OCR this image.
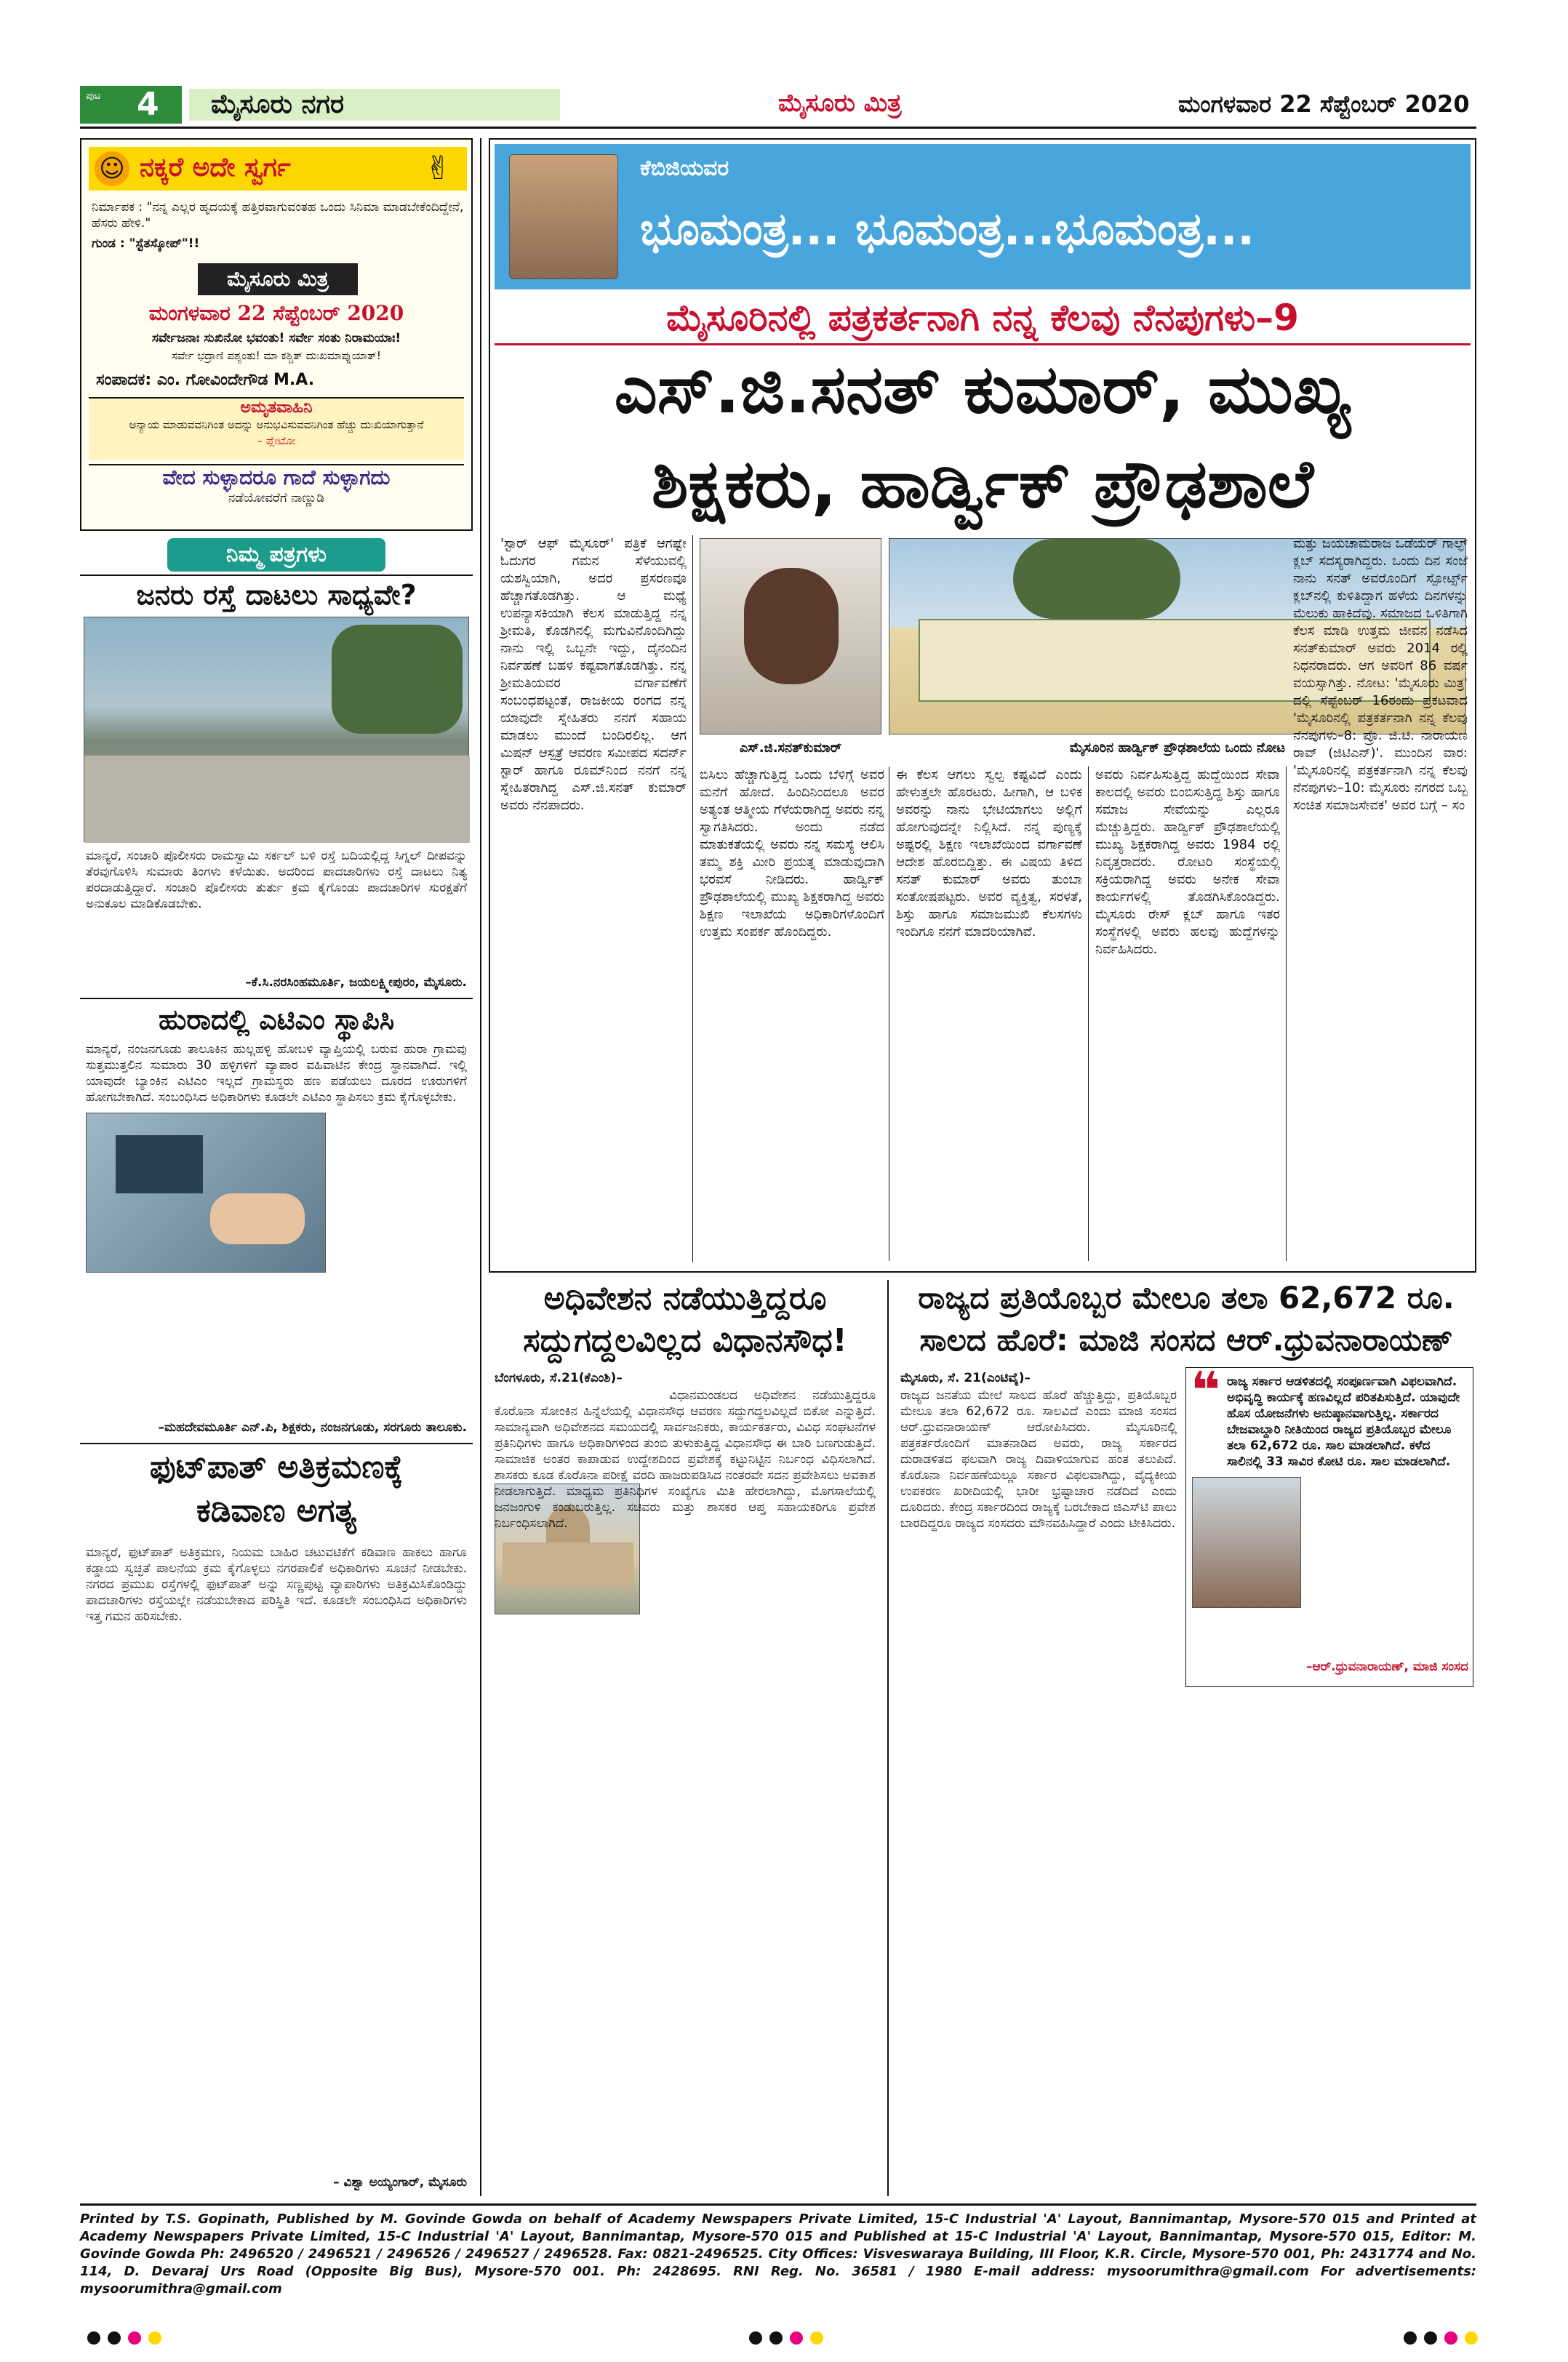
ಪುಟ 4	ಮೈಸೂರು ನಗರ	ಮೈಸೂರು ಮಿತ್ರ	ಮಂಗಳವಾರ 22 ಸೆಪ್ಟೆಂಬರ್ 2020
☺ ನಕ್ಕರೆ ಅದೇ ಸ್ವರ್ಗ	✌
ನಿರ್ಮಾಪಕ : "ನನ್ನ ಎಲ್ಲರ ಹೃದಯಕ್ಕೆ ಹತ್ತಿರವಾಗುವಂತಹ ಒಂದು ಸಿನಿಮಾ ಮಾಡಬೇಕೆಂದಿದ್ದೇನೆ, ಹೆಸರು ಹೇಳಿ."
ಗುಂಡ : "ಸ್ಟೆತಸ್ಕೋಪ್"!!
ಮೈಸೂರು ಮಿತ್ರ
ಮಂಗಳವಾರ 22 ಸೆಪ್ಟೆಂಬರ್ 2020
ಸರ್ವೇಜನಾಃ ಸುಖಿನೋ ಭವಂತು! ಸರ್ವೇ ಸಂತು ನಿರಾಮಯಾಃ!
ಸರ್ವೇ ಭದ್ರಾಣಿ ಪಶ್ಯಂತು! ಮಾ ಕಶ್ಚಿತ್ ದುಃಖಮಾಪ್ನುಯಾತ್!
ಸಂಪಾದಕ: ಎಂ. ಗೋವಿಂದೇಗೌಡ M.A.
ಅಮೃತವಾಹಿನಿ
ಅನ್ಯಾಯ ಮಾಡುವವನಿಗಿಂತ ಅದನ್ನು ಅನುಭವಿಸುವವನಿಗಿಂತ ಹೆಚ್ಚು ದುಃಖಿಯಾಗುತ್ತಾನೆ
– ಪ್ಲೇಟೋ
ವೇದ ಸುಳ್ಳಾದರೂ ಗಾದೆ ಸುಳ್ಳಾಗದು
ನಡೆಯೋವರೆಗೆ ನಾಣ್ಣುಡಿ
ನಿಮ್ಮ ಪತ್ರಗಳು
ಜನರು ರಸ್ತೆ ದಾಟಲು ಸಾಧ್ಯವೇ?
ಮಾನ್ಯರೆ, ಸಂಚಾರಿ ಪೊಲೀಸರು ರಾಮಸ್ವಾಮಿ ಸರ್ಕಲ್ ಬಳಿ ರಸ್ತೆ ಬದಿಯಲ್ಲಿದ್ದ ಸಿಗ್ನಲ್ ದೀಪವನ್ನು ತೆರವುಗೊಳಿಸಿ ಸುಮಾರು ತಿಂಗಳು ಕಳೆಯಿತು. ಅದರಿಂದ ಪಾದಚಾರಿಗಳು ರಸ್ತೆ ದಾಟಲು ನಿತ್ಯ ಪರದಾಡುತ್ತಿದ್ದಾರೆ. ಸಂಚಾರಿ ಪೊಲೀಸರು ತುರ್ತು ಕ್ರಮ ಕೈಗೊಂಡು ಪಾದಚಾರಿಗಳ ಸುರಕ್ಷತೆಗೆ ಅನುಕೂಲ ಮಾಡಿಕೊಡಬೇಕು.
–ಕೆ.ಸಿ.ನರಸಿಂಹಮೂರ್ತಿ, ಜಯಲಕ್ಷ್ಮೀಪುರಂ, ಮೈಸೂರು.
ಹುರಾದಲ್ಲಿ ಎಟಿಎಂ ಸ್ಥಾಪಿಸಿ
ಮಾನ್ಯರೆ, ನಂಜನಗೂಡು ತಾಲೂಕಿನ ಹುಲ್ಲಹಳ್ಳಿ ಹೋಬಳಿ ವ್ಯಾಪ್ತಿಯಲ್ಲಿ ಬರುವ ಹುರಾ ಗ್ರಾಮವು ಸುತ್ತಮುತ್ತಲಿನ ಸುಮಾರು 30 ಹಳ್ಳಿಗಳಿಗೆ ವ್ಯಾಪಾರ ವಹಿವಾಟಿನ ಕೇಂದ್ರ ಸ್ಥಾನವಾಗಿದೆ. ಇಲ್ಲಿ ಯಾವುದೇ ಬ್ಯಾಂಕಿನ ಎಟಿಎಂ ಇಲ್ಲದೆ ಗ್ರಾಮಸ್ಥರು ಹಣ ಪಡೆಯಲು ದೂರದ ಊರುಗಳಿಗೆ ಹೋಗಬೇಕಾಗಿದೆ. ಸಂಬಂಧಿಸಿದ ಅಧಿಕಾರಿಗಳು ಕೂಡಲೇ ಎಟಿಎಂ ಸ್ಥಾಪಿಸಲು ಕ್ರಮ ಕೈಗೊಳ್ಳಬೇಕು.
–ಮಹದೇವಮೂರ್ತಿ ಎನ್.ಪಿ, ಶಿಕ್ಷಕರು, ನಂಜನಗೂಡು, ಸರಗೂರು ತಾಲೂಕು.
ಫುಟ್‌ಪಾತ್ ಅತಿಕ್ರಮಣಕ್ಕೆ
ಕಡಿವಾಣ ಅಗತ್ಯ
ಮಾನ್ಯರೆ, ಫುಟ್‌ಪಾತ್ ಅತಿಕ್ರಮಣ, ನಿಯಮ ಬಾಹಿರ ಚಟುವಟಿಕೆಗೆ ಕಡಿವಾಣ ಹಾಕಲು ಹಾಗೂ ಕಡ್ಡಾಯ ಸ್ವಚ್ಛತೆ ಪಾಲನೆಯ ಕ್ರಮ ಕೈಗೊಳ್ಳಲು ನಗರಪಾಲಿಕೆ ಅಧಿಕಾರಿಗಳು ಸೂಚನೆ ನೀಡಬೇಕು. ನಗರದ ಪ್ರಮುಖ ರಸ್ತೆಗಳಲ್ಲಿ ಫುಟ್‌ಪಾತ್ ಅನ್ನು ಸಣ್ಣಪುಟ್ಟ ವ್ಯಾಪಾರಿಗಳು ಅತಿಕ್ರಮಿಸಿಕೊಂಡಿದ್ದು ಪಾದಚಾರಿಗಳು ರಸ್ತೆಯಲ್ಲೇ ನಡೆಯಬೇಕಾದ ಪರಿಸ್ಥಿತಿ ಇದೆ. ಕೂಡಲೇ ಸಂಬಂಧಿಸಿದ ಅಧಿಕಾರಿಗಳು ಇತ್ತ ಗಮನ ಹರಿಸಬೇಕು.
– ವಿಶ್ವಾ ಅಯ್ಯಂಗಾರ್, ಮೈಸೂರು
ಕೆಬಿಜಿಯವರ
ಭೂಮಂತ್ರ... ಭೂಮಂತ್ರ...ಭೂಮಂತ್ರ...
ಮೈಸೂರಿನಲ್ಲಿ ಪತ್ರಕರ್ತನಾಗಿ ನನ್ನ ಕೆಲವು ನೆನಪುಗಳು–9
ಎಸ್.ಜಿ.ಸನತ್ ಕುಮಾರ್, ಮುಖ್ಯ
ಶಿಕ್ಷಕರು, ಹಾರ್ಡ್ವಿಕ್ ಪ್ರೌಢಶಾಲೆ
'ಸ್ಟಾರ್ ಆಫ್ ಮೈಸೂರ್' ಪತ್ರಿಕೆ ಆಗಷ್ಟೇ ಓದುಗರ ಗಮನ ಸೆಳೆಯುವಲ್ಲಿ ಯಶಸ್ವಿಯಾಗಿ, ಅದರ ಪ್ರಸರಣವೂ ಹೆಚ್ಚಾಗತೊಡಗಿತ್ತು. ಆ ಮಧ್ಯೆ ಉಪನ್ಯಾಸಕಿಯಾಗಿ ಕೆಲಸ ಮಾಡುತ್ತಿದ್ದ ನನ್ನ ಶ್ರೀಮತಿ, ಕೊಡಗಿನಲ್ಲಿ ಮಗುವಿನೊಂದಿಗಿದ್ದು ನಾನು ಇಲ್ಲಿ ಒಬ್ಬನೇ ಇದ್ದು, ದೈನಂದಿನ ನಿರ್ವಹಣೆ ಬಹಳ ಕಷ್ಟವಾಗತೊಡಗಿತ್ತು. ನನ್ನ ಶ್ರೀಮತಿಯವರ ವರ್ಗಾವಣೆಗೆ ಸಂಬಂಧಪಟ್ಟಂತೆ, ರಾಜಕೀಯ ರಂಗದ ನನ್ನ ಯಾವುದೇ ಸ್ನೇಹಿತರು ನನಗೆ ಸಹಾಯ ಮಾಡಲು ಮುಂದೆ ಬಂದಿರಲಿಲ್ಲ. ಆಗ ಮಿಷನ್ ಆಸ್ಪತ್ರೆ ಆವರಣ ಸಮೀಪದ ಸದರ್ನ್ ಸ್ಟಾರ್ ಹಾಗೂ ರೂಮ್‌ನಿಂದ ನನಗೆ ನನ್ನ ಸ್ನೇಹಿತರಾಗಿದ್ದ ಎಸ್.ಜಿ.ಸನತ್ ಕುಮಾರ್ ಅವರು ನೆನಪಾದರು.
ಎಸ್.ಜಿ.ಸನತ್‌ಕುಮಾರ್	ಮೈಸೂರಿನ ಹಾರ್ಡ್ವಿಕ್ ಪ್ರೌಢಶಾಲೆಯ ಒಂದು ನೋಟ
ಬಿಸಿಲು ಹೆಚ್ಚಾಗುತ್ತಿದ್ದ ಒಂದು ಬೆಳಿಗ್ಗೆ ಅವರ ಮನೆಗೆ ಹೋದೆ. ಹಿಂದಿನಿಂದಲೂ ಅವರ ಅತ್ಯಂತ ಆತ್ಮೀಯ ಗೆಳೆಯರಾಗಿದ್ದ ಅವರು ನನ್ನ ಸ್ವಾಗತಿಸಿದರು. ಅಂದು ನಡೆದ ಮಾತುಕತೆಯಲ್ಲಿ ಅವರು ನನ್ನ ಸಮಸ್ಯೆ ಆಲಿಸಿ ತಮ್ಮ ಶಕ್ತಿ ಮೀರಿ ಪ್ರಯತ್ನ ಮಾಡುವುದಾಗಿ ಭರವಸೆ ನೀಡಿದರು. ಹಾರ್ಡ್ವಿಕ್ ಪ್ರೌಢಶಾಲೆಯಲ್ಲಿ ಮುಖ್ಯ ಶಿಕ್ಷಕರಾಗಿದ್ದ ಅವರು ಶಿಕ್ಷಣ ಇಲಾಖೆಯ ಅಧಿಕಾರಿಗಳೊಂದಿಗೆ ಉತ್ತಮ ಸಂಪರ್ಕ ಹೊಂದಿದ್ದರು.
ಈ ಕೆಲಸ ಆಗಲು ಸ್ವಲ್ಪ ಕಷ್ಟವಿದೆ ಎಂದು ಹೇಳುತ್ತಲೇ ಹೊರಟರು. ಹೀಗಾಗಿ, ಆ ಬಳಿಕ ಅವರನ್ನು ನಾನು ಭೇಟಿಯಾಗಲು ಅಲ್ಲಿಗೆ ಹೋಗುವುದನ್ನೇ ನಿಲ್ಲಿಸಿದೆ. ನನ್ನ ಪುಣ್ಯಕ್ಕೆ ಅಷ್ಟರಲ್ಲಿ ಶಿಕ್ಷಣ ಇಲಾಖೆಯಿಂದ ವರ್ಗಾವಣೆ ಆದೇಶ ಹೊರಬಿದ್ದಿತ್ತು. ಈ ವಿಷಯ ತಿಳಿದ ಸನತ್ ಕುಮಾರ್ ಅವರು ತುಂಬಾ ಸಂತೋಷಪಟ್ಟರು. ಅವರ ವ್ಯಕ್ತಿತ್ವ, ಸರಳತೆ, ಶಿಸ್ತು ಹಾಗೂ ಸಮಾಜಮುಖಿ ಕೆಲಸಗಳು ಇಂದಿಗೂ ನನಗೆ ಮಾದರಿಯಾಗಿವೆ.
ಅವರು ನಿರ್ವಹಿಸುತ್ತಿದ್ದ ಹುದ್ದೆಯಿಂದ ಸೇವಾ ಕಾಲದಲ್ಲಿ ಅವರು ಬಿಂಬಿಸುತ್ತಿದ್ದ ಶಿಸ್ತು ಹಾಗೂ ಸಮಾಜ ಸೇವೆಯನ್ನು ಎಲ್ಲರೂ ಮೆಚ್ಚುತ್ತಿದ್ದರು. ಹಾರ್ಡ್ವಿಕ್ ಪ್ರೌಢಶಾಲೆಯಲ್ಲಿ ಮುಖ್ಯ ಶಿಕ್ಷಕರಾಗಿದ್ದ ಅವರು 1984 ರಲ್ಲಿ ನಿವೃತ್ತರಾದರು. ರೋಟರಿ ಸಂಸ್ಥೆಯಲ್ಲಿ ಸಕ್ರಿಯರಾಗಿದ್ದ ಅವರು ಅನೇಕ ಸೇವಾ ಕಾರ್ಯಗಳಲ್ಲಿ ತೊಡಗಿಸಿಕೊಂಡಿದ್ದರು. ಮೈಸೂರು ರೇಸ್ ಕ್ಲಬ್ ಹಾಗೂ ಇತರ ಸಂಸ್ಥೆಗಳಲ್ಲಿ ಅವರು ಹಲವು ಹುದ್ದೆಗಳನ್ನು ನಿರ್ವಹಿಸಿದರು.
ಮತ್ತು ಜಯಚಾಮರಾಜ ಒಡೆಯರ್ ಗಾಲ್ಫ್ ಕ್ಲಬ್ ಸದಸ್ಯರಾಗಿದ್ದರು. ಒಂದು ದಿನ ಸಂಜೆ ನಾನು ಸನತ್ ಅವರೊಂದಿಗೆ ಸ್ಪೋರ್ಟ್ಸ್ ಕ್ಲಬ್‌ನಲ್ಲಿ ಕುಳಿತಿದ್ದಾಗ ಹಳೆಯ ದಿನಗಳನ್ನು ಮೆಲುಕು ಹಾಕಿದೆವು. ಸಮಾಜದ ಒಳಿತಿಗಾಗಿ ಕೆಲಸ ಮಾಡಿ ಉತ್ತಮ ಜೀವನ ನಡೆಸಿದ ಸನತ್‌ಕುಮಾರ್ ಅವರು 2014 ರಲ್ಲಿ ನಿಧನರಾದರು. ಆಗ ಅವರಿಗೆ 86 ವರ್ಷ ವಯಸ್ಸಾಗಿತ್ತು. ನೋಟ: 'ಮೈಸೂರು ಮಿತ್ರ' ದಲ್ಲಿ ಸೆಪ್ಟೆಂಬರ್ 16ರಂದು ಪ್ರಕಟವಾದ 'ಮೈಸೂರಿನಲ್ಲಿ ಪತ್ರಕರ್ತನಾಗಿ ನನ್ನ ಕೆಲವು ನೆನಪುಗಳು–8: ಪ್ರೊ. ಜಿ.ಟಿ. ನಾರಾಯಣ ರಾವ್ (ಜಿಟಿಎನ್)'. ಮುಂದಿನ ವಾರ: 'ಮೈಸೂರಿನಲ್ಲಿ ಪತ್ರಕರ್ತನಾಗಿ ನನ್ನ ಕೆಲವು ನೆನಪುಗಳು–10: ಮೈಸೂರು ನಗರದ ಒಬ್ಬ ಸಂಚಿತ ಸಮಾಜಸೇವಕ' ಅವರ ಬಗ್ಗೆ – ಸಂ
ಅಧಿವೇಶನ ನಡೆಯುತ್ತಿದ್ದರೂ
ಸದ್ದುಗದ್ದಲವಿಲ್ಲದ ವಿಧಾನಸೌಧ!
ಬೆಂಗಳೂರು, ಸೆ.21(ಕೆಎಂಶಿ)–
ವಿಧಾನಮಂಡಲದ ಅಧಿವೇಶನ ನಡೆಯುತ್ತಿದ್ದರೂ ಕೊರೊನಾ ಸೋಂಕಿನ ಹಿನ್ನೆಲೆಯಲ್ಲಿ ವಿಧಾನಸೌಧ ಆವರಣ ಸದ್ದುಗದ್ದಲವಿಲ್ಲದೆ ಬಿಕೋ ಎನ್ನುತ್ತಿದೆ. ಸಾಮಾನ್ಯವಾಗಿ ಅಧಿವೇಶನದ ಸಮಯದಲ್ಲಿ ಸಾರ್ವಜನಿಕರು, ಕಾರ್ಯಕರ್ತರು, ವಿವಿಧ ಸಂಘಟನೆಗಳ ಪ್ರತಿನಿಧಿಗಳು ಹಾಗೂ ಅಧಿಕಾರಿಗಳಿಂದ ತುಂಬಿ ತುಳುಕುತ್ತಿದ್ದ ವಿಧಾನಸೌಧ ಈ ಬಾರಿ ಬಣಗುಡುತ್ತಿದೆ. ಸಾಮಾಜಿಕ ಅಂತರ ಕಾಪಾಡುವ ಉದ್ದೇಶದಿಂದ ಪ್ರವೇಶಕ್ಕೆ ಕಟ್ಟುನಿಟ್ಟಿನ ನಿರ್ಬಂಧ ವಿಧಿಸಲಾಗಿದೆ. ಶಾಸಕರು ಕೂಡ ಕೊರೊನಾ ಪರೀಕ್ಷೆ ವರದಿ ಹಾಜರುಪಡಿಸಿದ ನಂತರವೇ ಸದನ ಪ್ರವೇಶಿಸಲು ಅವಕಾಶ ನೀಡಲಾಗುತ್ತಿದೆ. ಮಾಧ್ಯಮ ಪ್ರತಿನಿಧಿಗಳ ಸಂಖ್ಯೆಗೂ ಮಿತಿ ಹೇರಲಾಗಿದ್ದು, ಮೊಗಸಾಲೆಯಲ್ಲಿ ಜನಜಂಗುಳಿ ಕಂಡುಬರುತ್ತಿಲ್ಲ. ಸಚಿವರು ಮತ್ತು ಶಾಸಕರ ಆಪ್ತ ಸಹಾಯಕರಿಗೂ ಪ್ರವೇಶ ನಿರ್ಬಂಧಿಸಲಾಗಿದೆ.
ರಾಜ್ಯದ ಪ್ರತಿಯೊಬ್ಬರ ಮೇಲೂ ತಲಾ 62,672 ರೂ.
ಸಾಲದ ಹೊರೆ: ಮಾಜಿ ಸಂಸದ ಆರ್.ಧ್ರುವನಾರಾಯಣ್
ಮೈಸೂರು, ಸೆ. 21(ಎಂಟಿವೈ)–
ರಾಜ್ಯದ ಜನತೆಯ ಮೇಲೆ ಸಾಲದ ಹೊರೆ ಹೆಚ್ಚುತ್ತಿದ್ದು, ಪ್ರತಿಯೊಬ್ಬರ ಮೇಲೂ ತಲಾ 62,672 ರೂ. ಸಾಲವಿದೆ ಎಂದು ಮಾಜಿ ಸಂಸದ ಆರ್.ಧ್ರುವನಾರಾಯಣ್ ಆರೋಪಿಸಿದರು. ಮೈಸೂರಿನಲ್ಲಿ ಪತ್ರಕರ್ತರೊಂದಿಗೆ ಮಾತನಾಡಿದ ಅವರು, ರಾಜ್ಯ ಸರ್ಕಾರದ ದುರಾಡಳಿತದ ಫಲವಾಗಿ ರಾಜ್ಯ ದಿವಾಳಿಯಾಗುವ ಹಂತ ತಲುಪಿದೆ. ಕೊರೊನಾ ನಿರ್ವಹಣೆಯಲ್ಲೂ ಸರ್ಕಾರ ವಿಫಲವಾಗಿದ್ದು, ವೈದ್ಯಕೀಯ ಉಪಕರಣ ಖರೀದಿಯಲ್ಲಿ ಭಾರೀ ಭ್ರಷ್ಟಾಚಾರ ನಡೆದಿದೆ ಎಂದು ದೂರಿದರು. ಕೇಂದ್ರ ಸರ್ಕಾರದಿಂದ ರಾಜ್ಯಕ್ಕೆ ಬರಬೇಕಾದ ಜಿಎಸ್‌ಟಿ ಪಾಲು ಬಾರದಿದ್ದರೂ ರಾಜ್ಯದ ಸಂಸದರು ಮೌನವಹಿಸಿದ್ದಾರೆ ಎಂದು ಟೀಕಿಸಿದರು.
❝ ರಾಜ್ಯ ಸರ್ಕಾರ ಆಡಳಿತದಲ್ಲಿ ಸಂಪೂರ್ಣವಾಗಿ ವಿಫಲವಾಗಿದೆ. ಅಭಿವೃದ್ಧಿ ಕಾರ್ಯಕ್ಕೆ ಹಣವಿಲ್ಲದೆ ಪರಿತಪಿಸುತ್ತಿದೆ. ಯಾವುದೇ ಹೊಸ ಯೋಜನೆಗಳು ಅನುಷ್ಠಾನವಾಗುತ್ತಿಲ್ಲ. ಸರ್ಕಾರದ ಬೇಜವಾಬ್ದಾರಿ ನೀತಿಯಿಂದ ರಾಜ್ಯದ ಪ್ರತಿಯೊಬ್ಬರ ಮೇಲೂ ತಲಾ 62,672 ರೂ. ಸಾಲ ಮಾಡಲಾಗಿದೆ. ಕಳೆದ ಸಾಲಿನಲ್ಲಿ 33 ಸಾವಿರ ಕೋಟಿ ರೂ. ಸಾಲ ಮಾಡಲಾಗಿದೆ.
–ಆರ್.ಧ್ರುವನಾರಾಯಣ್, ಮಾಜಿ ಸಂಸದ
Printed by T.S. Gopinath, Published by M. Govinde Gowda on behalf of Academy Newspapers Private Limited, 15-C Industrial 'A' Layout, Bannimantap, Mysore-570 015 and Printed at Academy Newspapers Private Limited, 15-C Industrial 'A' Layout, Bannimantap, Mysore-570 015 and Published at 15-C Industrial 'A' Layout, Bannimantap, Mysore-570 015, Editor: M. Govinde Gowda Ph: 2496520 / 2496521 / 2496526 / 2496527 / 2496528. Fax: 0821-2496525. City Offices: Visveswaraya Building, III Floor, K.R. Circle, Mysore-570 001, Ph: 2431774 and No. 114, D. Devaraj Urs Road (Opposite Big Bus), Mysore-570 001. Ph: 2428695. RNI Reg. No. 36581 / 1980 E-mail address: mysoorumithra@gmail.com For advertisements: mysoorumithra@gmail.com
